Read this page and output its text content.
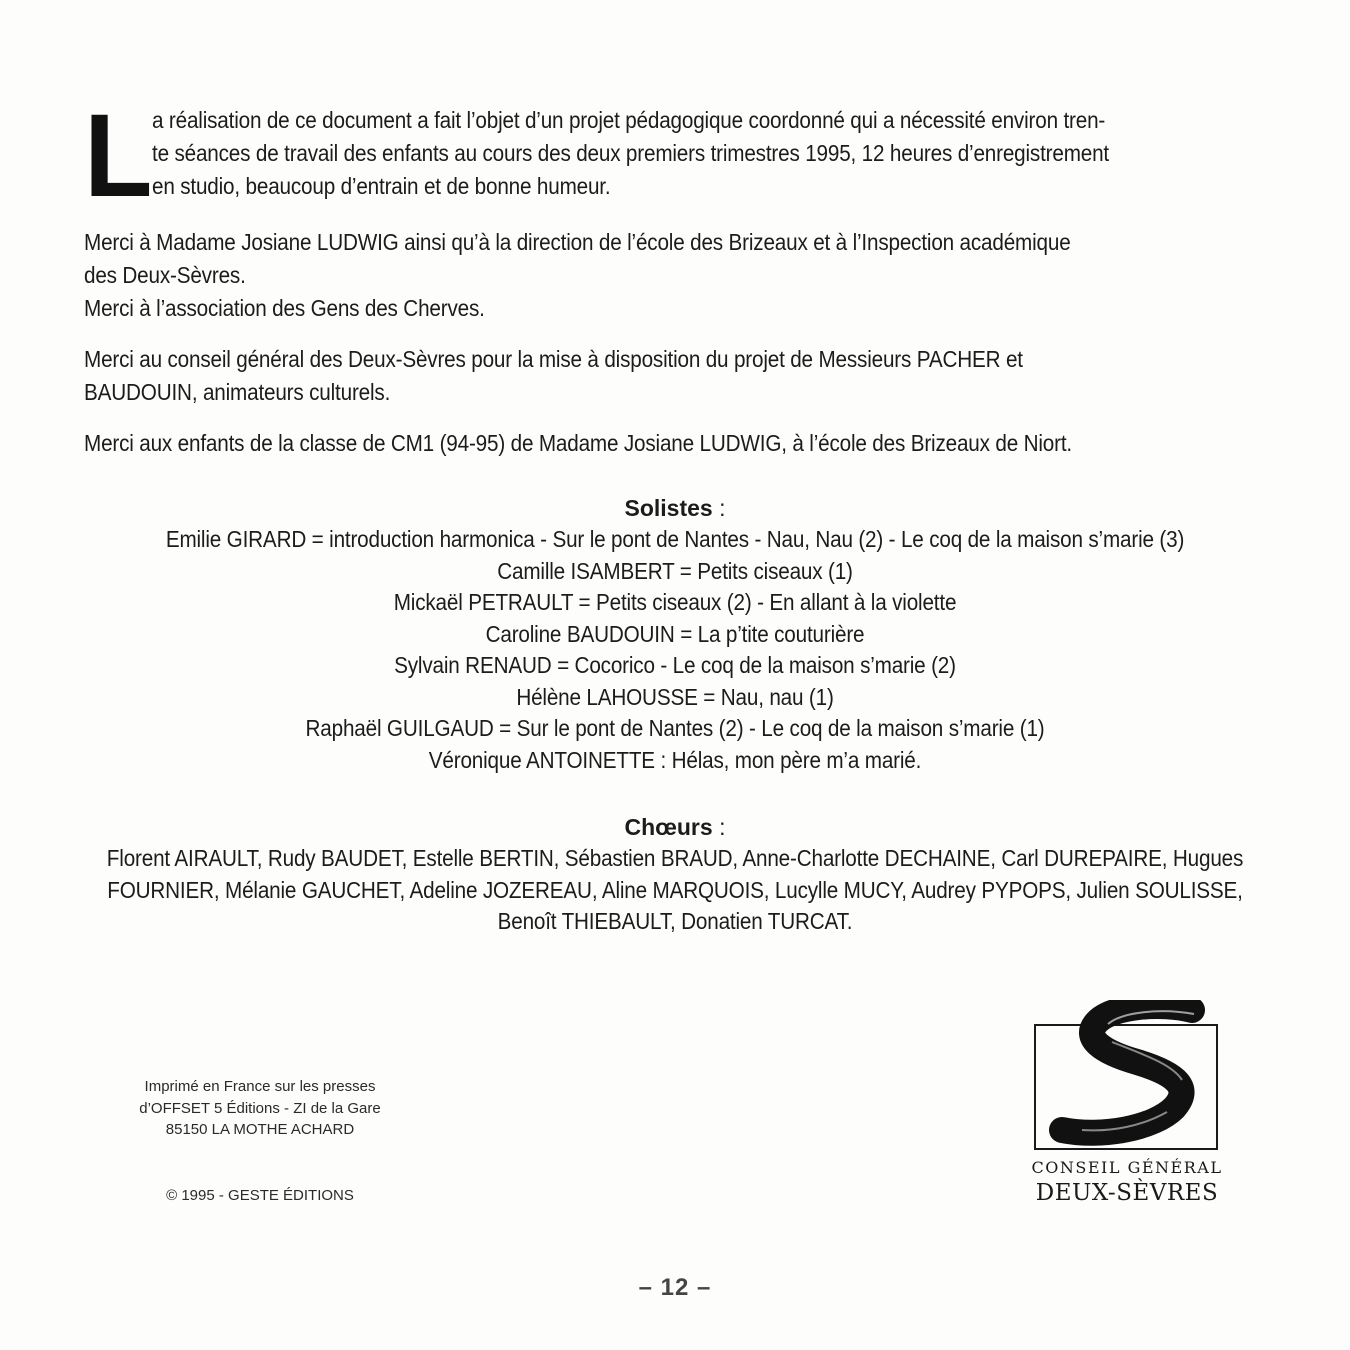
L a réalisation de ce document a fait l’objet d’un projet pédagogique coordonné qui a nécessité environ tren-
te séances de travail des enfants au cours des deux premiers trimestres 1995, 12 heures d’enregistrement
en studio, beaucoup d’entrain et de bonne humeur.

Merci à Madame Josiane LUDWIG ainsi qu’à la direction de l’école des Brizeaux et à l’Inspection académique

des Deux-Sèvres.

Merci à l’association des Gens des Cherves.

Merci au conseil général des Deux-Sèvres pour la mise à disposition du projet de Messieurs PACHER et

BAUDOUIN, animateurs culturels.

Merci aux enfants de la classe de CM1 (94-95) de Madame Josiane LUDWIG, à l’école des Brizeaux de Niort.

Solistes :
Emilie GIRARD = introduction harmonica - Sur le pont de Nantes - Nau, Nau (2) - Le coq de la maison s’marie (3)
Camille ISAMBERT = Petits ciseaux (1)
Mickaël PETRAULT = Petits ciseaux (2) - En allant à la violette
Caroline BAUDOUIN = La p’tite couturière
Sylvain RENAUD = Cocorico - Le coq de la maison s’marie (2)
Hélène LAHOUSSE = Nau, nau (1)
Raphaël GUILGAUD = Sur le pont de Nantes (2) - Le coq de la maison s’marie (1)
Véronique ANTOINETTE : Hélas, mon père m’a marié.
Chœurs :
Florent AIRAULT, Rudy BAUDET, Estelle BERTIN, Sébastien BRAUD, Anne-Charlotte DECHAINE, Carl DUREPAIRE, Hugues
FOURNIER, Mélanie GAUCHET, Adeline JOZEREAU, Aline MARQUOIS, Lucylle MUCY, Audrey PYPOPS, Julien SOULISSE,
Benoît THIEBAULT, Donatien TURCAT.
Imprimé en France sur les presses
d’OFFSET 5 Éditions - ZI de la Gare
85150 LA MOTHE ACHARD
© 1995 - GESTE ÉDITIONS
CONSEIL GÉNÉRAL
DEUX-SÈVRES
– 12 –
